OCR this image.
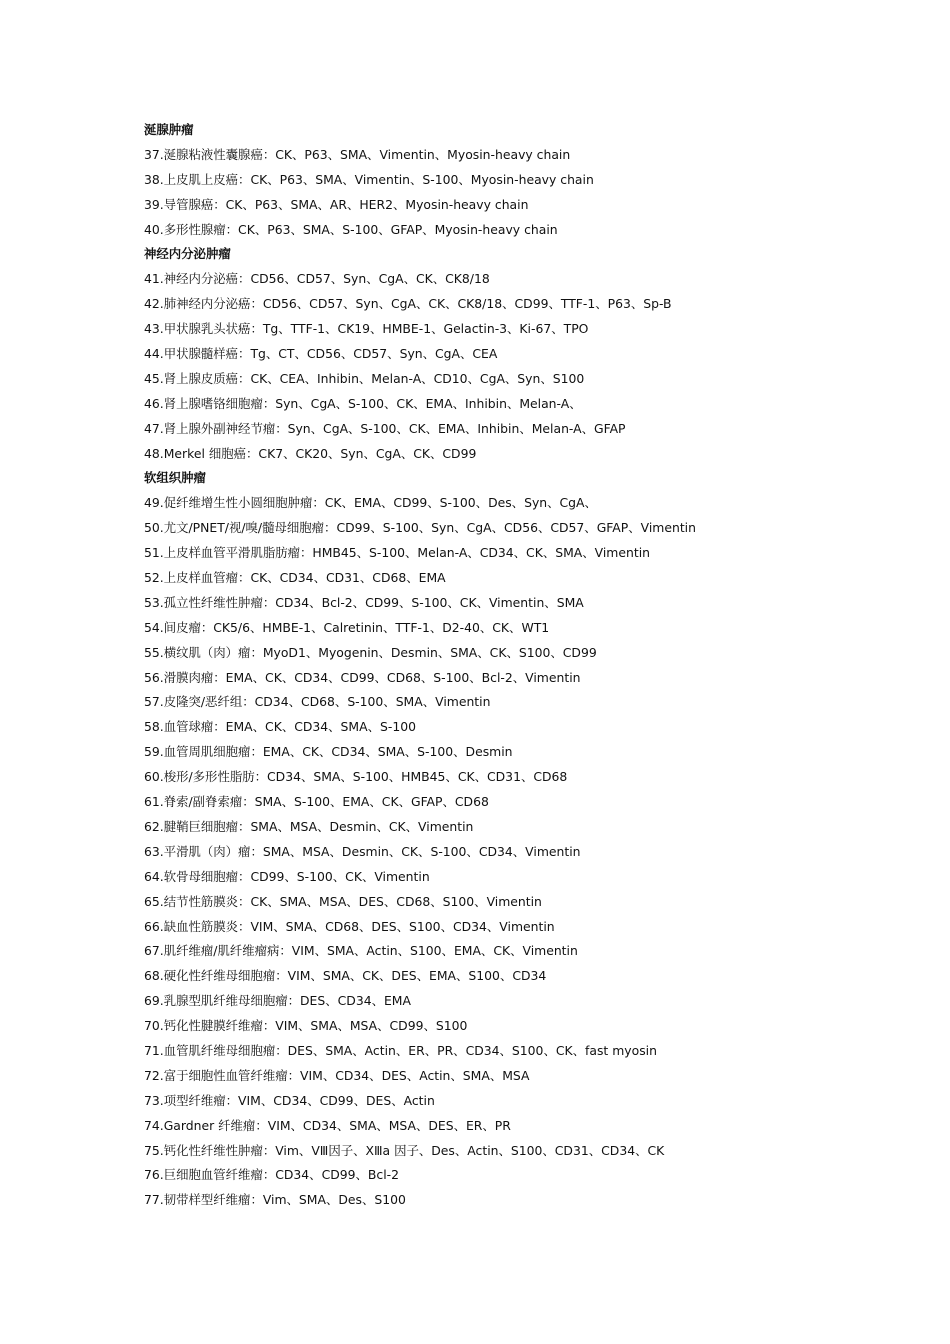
涎腺肿瘤
37.涎腺粘液性囊腺癌：CK、P63、SMA、Vimentin、Myosin-heavy chain
38.上皮肌上皮癌：CK、P63、SMA、Vimentin、S-100、Myosin-heavy chain
39.导管腺癌：CK、P63、SMA、AR、HER2、Myosin-heavy chain
40.多形性腺瘤：CK、P63、SMA、S-100、GFAP、Myosin-heavy chain
神经内分泌肿瘤
41.神经内分泌癌：CD56、CD57、Syn、CgA、CK、CK8/18
42.肺神经内分泌癌：CD56、CD57、Syn、CgA、CK、CK8/18、CD99、TTF-1、P63、Sp-B
43.甲状腺乳头状癌：Tg、TTF-1、CK19、HMBE-1、Gelactin-3、Ki-67、TPO
44.甲状腺髓样癌：Tg、CT、CD56、CD57、Syn、CgA、CEA
45.肾上腺皮质癌：CK、CEA、Inhibin、Melan-A、CD10、CgA、Syn、S100
46.肾上腺嗜铬细胞瘤：Syn、CgA、S-100、CK、EMA、Inhibin、Melan-A、
47.肾上腺外副神经节瘤：Syn、CgA、S-100、CK、EMA、Inhibin、Melan-A、GFAP
48.Merkel 细胞癌：CK7、CK20、Syn、CgA、CK、CD99
软组织肿瘤
49.促纤维增生性小圆细胞肿瘤：CK、EMA、CD99、S-100、Des、Syn、CgA、
50.尤文/PNET/视/嗅/髓母细胞瘤：CD99、S-100、Syn、CgA、CD56、CD57、GFAP、Vimentin
51.上皮样血管平滑肌脂肪瘤：HMB45、S-100、Melan-A、CD34、CK、SMA、Vimentin
52.上皮样血管瘤：CK、CD34、CD31、CD68、EMA
53.孤立性纤维性肿瘤：CD34、Bcl-2、CD99、S-100、CK、Vimentin、SMA
54.间皮瘤：CK5/6、HMBE-1、Calretinin、TTF-1、D2-40、CK、WT1
55.横纹肌（肉）瘤：MyoD1、Myogenin、Desmin、SMA、CK、S100、CD99
56.滑膜肉瘤：EMA、CK、CD34、CD99、CD68、S-100、Bcl-2、Vimentin
57.皮隆突/恶纤组：CD34、CD68、S-100、SMA、Vimentin
58.血管球瘤：EMA、CK、CD34、SMA、S-100
59.血管周肌细胞瘤：EMA、CK、CD34、SMA、S-100、Desmin
60.梭形/多形性脂肪：CD34、SMA、S-100、HMB45、CK、CD31、CD68
61.脊索/副脊索瘤：SMA、S-100、EMA、CK、GFAP、CD68
62.腱鞘巨细胞瘤：SMA、MSA、Desmin、CK、Vimentin
63.平滑肌（肉）瘤：SMA、MSA、Desmin、CK、S-100、CD34、Vimentin
64.软骨母细胞瘤：CD99、S-100、CK、Vimentin
65.结节性筋膜炎：CK、SMA、MSA、DES、CD68、S100、Vimentin
66.缺血性筋膜炎：VIM、SMA、CD68、DES、S100、CD34、Vimentin
67.肌纤维瘤/肌纤维瘤病：VIM、SMA、Actin、S100、EMA、CK、Vimentin
68.硬化性纤维母细胞瘤：VIM、SMA、CK、DES、EMA、S100、CD34
69.乳腺型肌纤维母细胞瘤：DES、CD34、EMA
70.钙化性腱膜纤维瘤：VIM、SMA、MSA、CD99、S100
71.血管肌纤维母细胞瘤：DES、SMA、Actin、ER、PR、CD34、S100、CK、fast myosin
72.富于细胞性血管纤维瘤：VIM、CD34、DES、Actin、SMA、MSA
73.项型纤维瘤：VIM、CD34、CD99、DES、Actin
74.Gardner 纤维瘤：VIM、CD34、SMA、MSA、DES、ER、PR
75.钙化性纤维性肿瘤：Vim、VⅢ因子、XⅢa 因子、Des、Actin、S100、CD31、CD34、CK
76.巨细胞血管纤维瘤：CD34、CD99、Bcl-2
77.韧带样型纤维瘤：Vim、SMA、Des、S100
